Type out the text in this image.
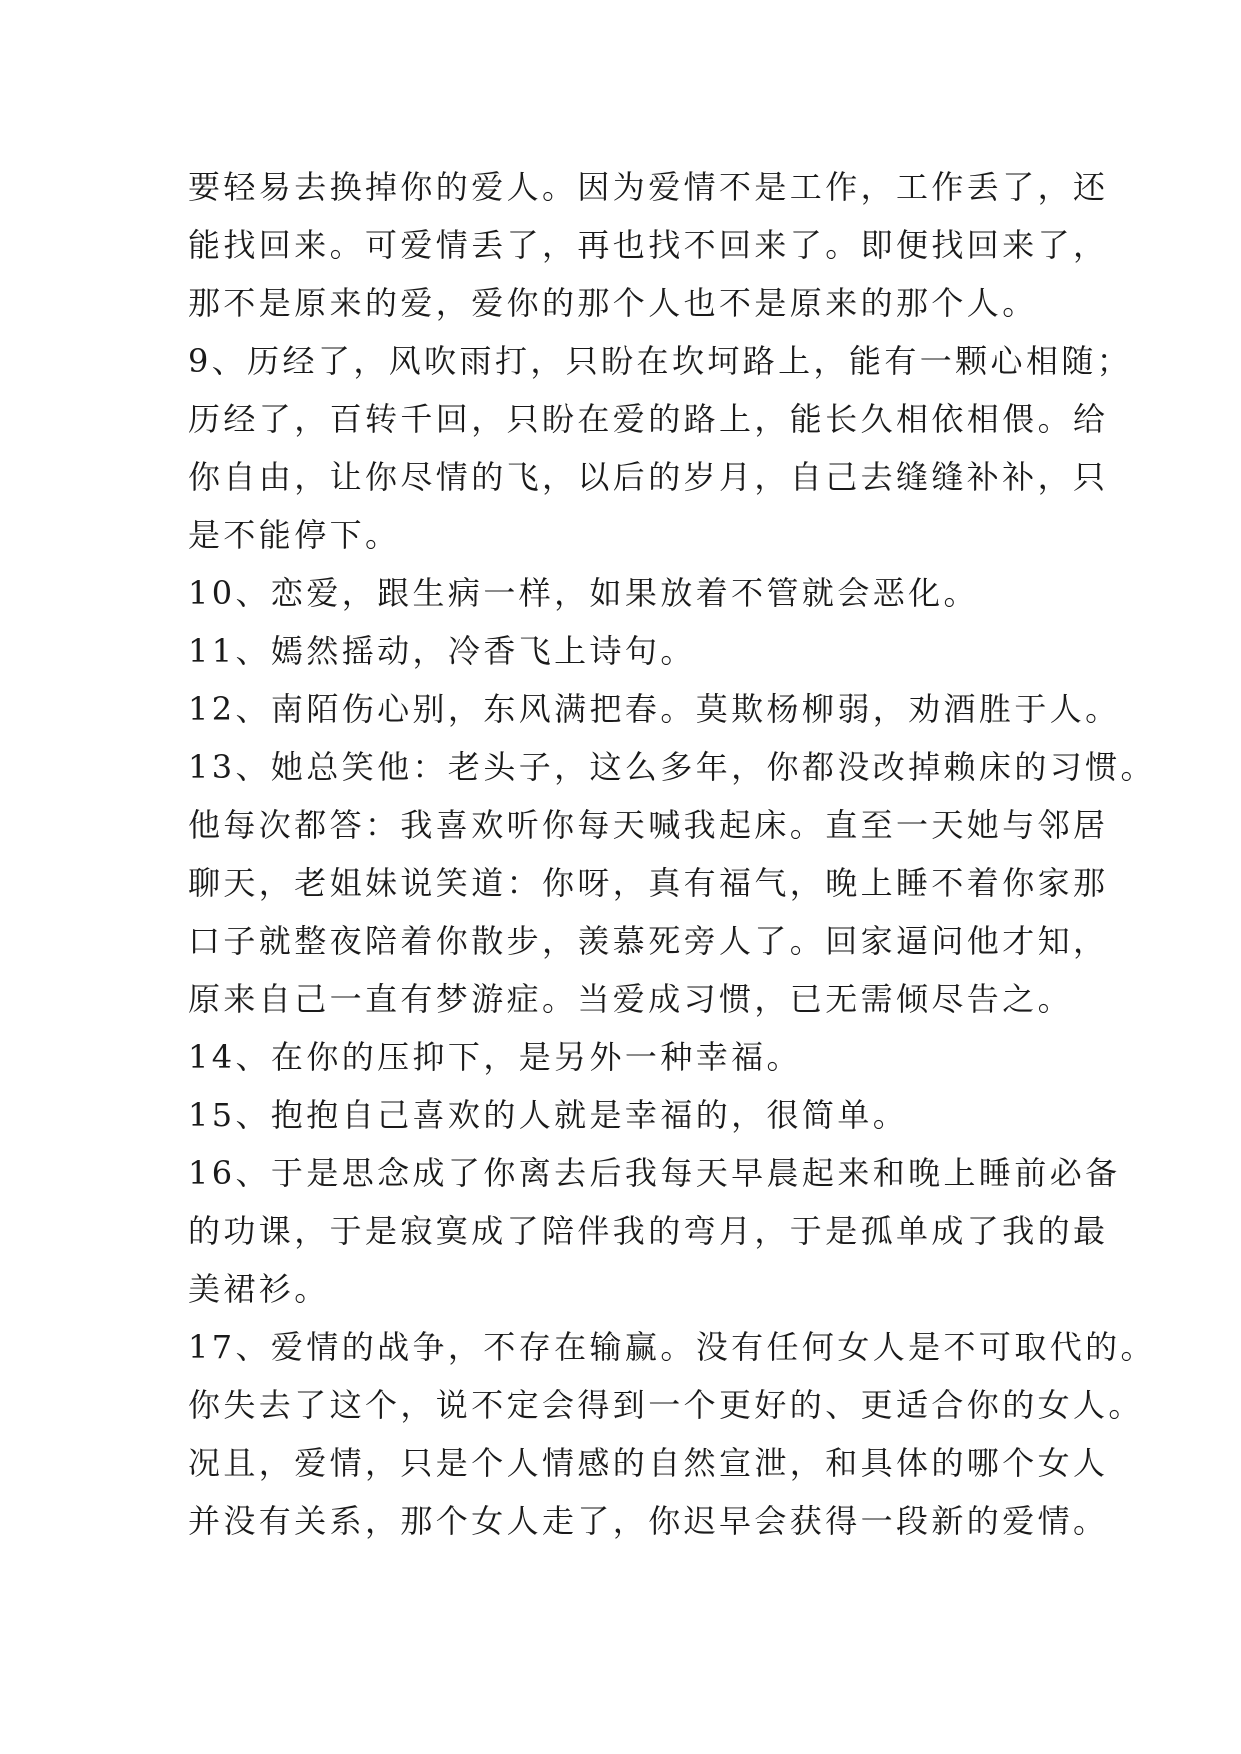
要轻易去换掉你的爱人。因为爱情不是工作，工作丢了，还
能找回来。可爱情丢了，再也找不回来了。即便找回来了，
那不是原来的爱，爱你的那个人也不是原来的那个人。
9、历经了，风吹雨打，只盼在坎坷路上，能有一颗心相随；
历经了，百转千回，只盼在爱的路上，能长久相依相偎。给
你自由，让你尽情的飞，以后的岁月，自己去缝缝补补，只
是不能停下。
10、恋爱，跟生病一样，如果放着不管就会恶化。
11、嫣然摇动，冷香飞上诗句。
12、南陌伤心别，东风满把春。莫欺杨柳弱，劝酒胜于人。
13、她总笑他：老头子，这么多年，你都没改掉赖床的习惯。
他每次都答：我喜欢听你每天喊我起床。直至一天她与邻居
聊天，老姐妹说笑道：你呀，真有福气，晚上睡不着你家那
口子就整夜陪着你散步，羡慕死旁人了。回家逼问他才知，
原来自己一直有梦游症。当爱成习惯，已无需倾尽告之。
14、在你的压抑下，是另外一种幸福。
15、抱抱自己喜欢的人就是幸福的，很简单。
16、于是思念成了你离去后我每天早晨起来和晚上睡前必备
的功课，于是寂寞成了陪伴我的弯月，于是孤单成了我的最
美裙衫。
17、爱情的战争，不存在输赢。没有任何女人是不可取代的。
你失去了这个，说不定会得到一个更好的、更适合你的女人。
况且，爱情，只是个人情感的自然宣泄，和具体的哪个女人
并没有关系，那个女人走了，你迟早会获得一段新的爱情。
